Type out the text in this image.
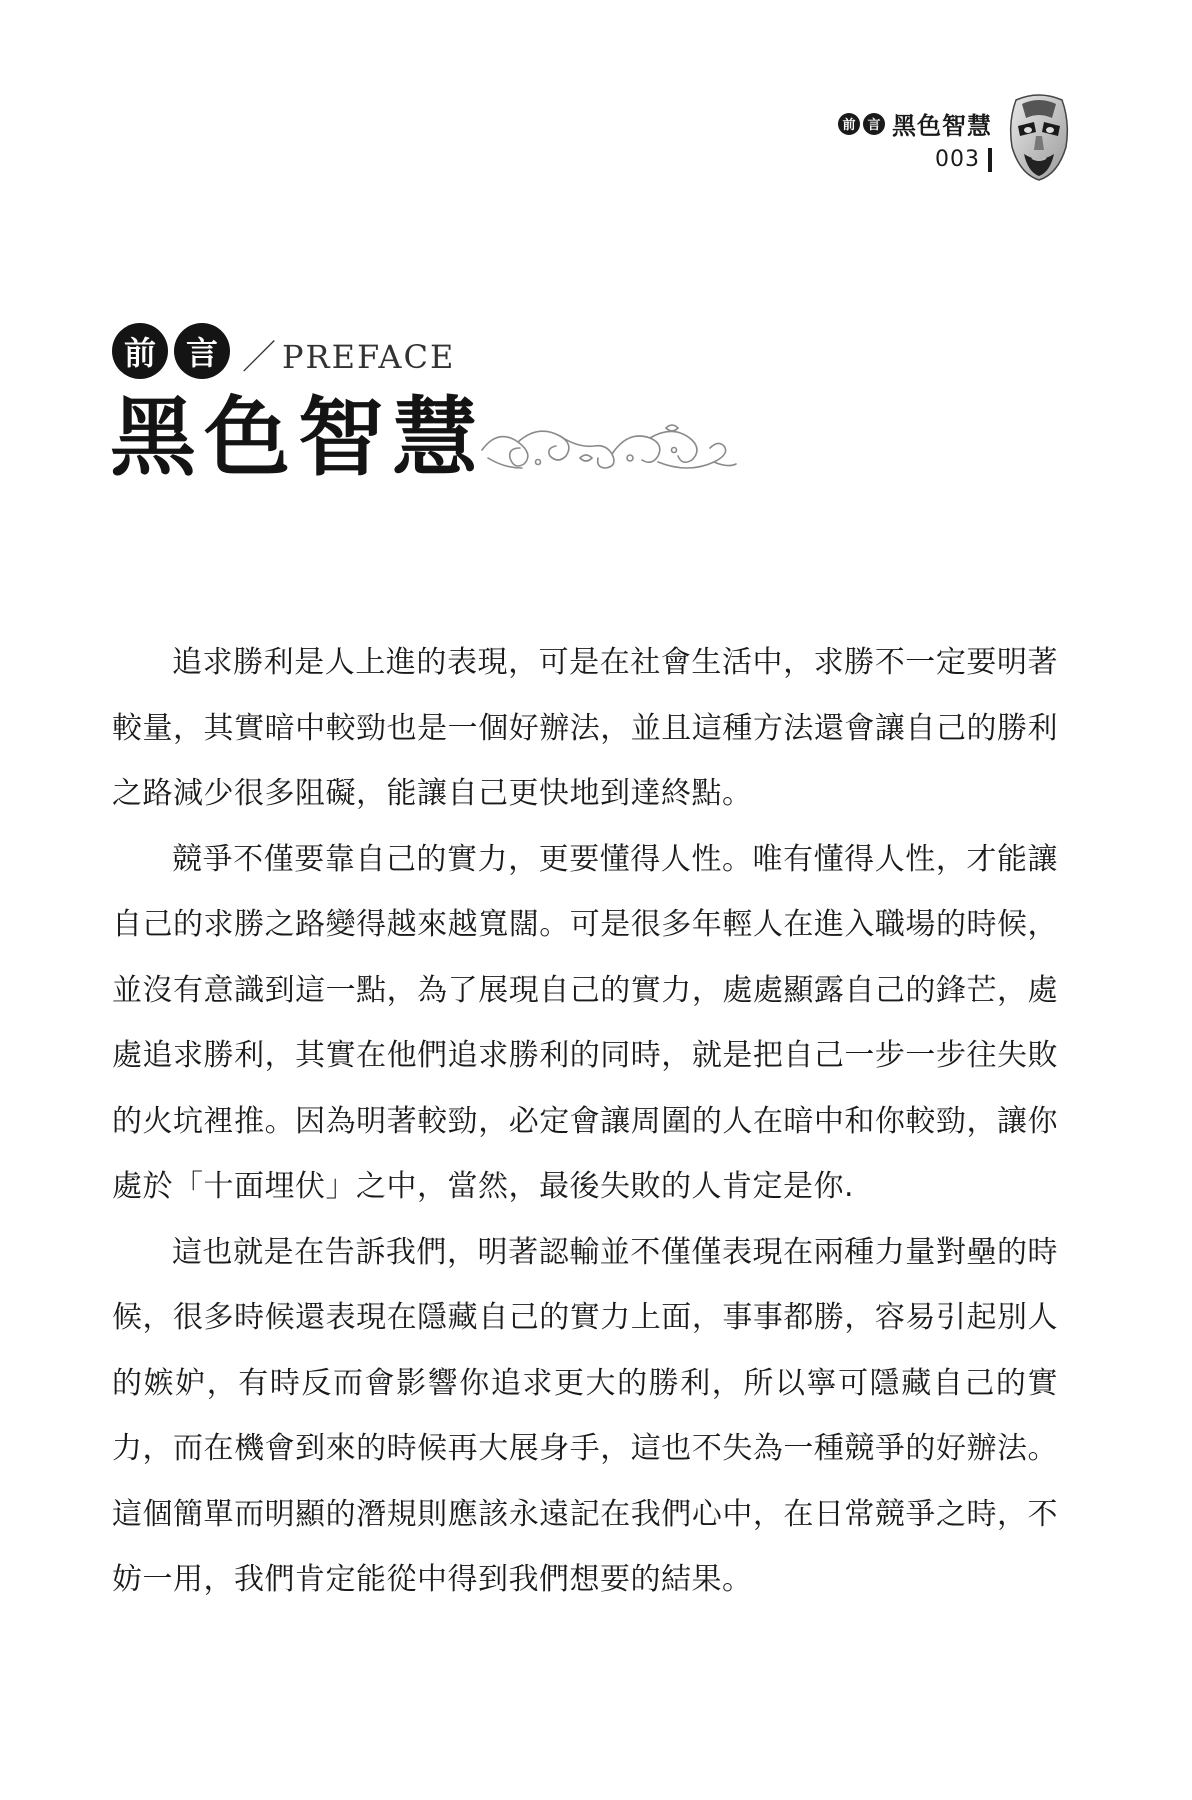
前 言 黑色智慧
003
前 言 ／ PREFACE
黑色智慧

追求勝利是人上進的表現，可是在社會生活中，求勝不一定要明著較量，其實暗中較勁也是一個好辦法，並且這種方法還會讓自己的勝利之路減少很多阻礙，能讓自己更快地到達終點。

競爭不僅要靠自己的實力，更要懂得人性。唯有懂得人性，才能讓自己的求勝之路變得越來越寬闊。可是很多年輕人在進入職場的時候，並沒有意識到這一點，為了展現自己的實力，處處顯露自己的鋒芒，處處追求勝利，其實在他們追求勝利的同時，就是把自己一步一步往失敗的火坑裡推。因為明著較勁，必定會讓周圍的人在暗中和你較勁，讓你處於「十面埋伏」之中，當然，最後失敗的人肯定是你.

這也就是在告訴我們，明著認輸並不僅僅表現在兩種力量對壘的時候，很多時候還表現在隱藏自己的實力上面，事事都勝，容易引起別人的嫉妒，有時反而會影響你追求更大的勝利，所以寧可隱藏自己的實力，而在機會到來的時候再大展身手，這也不失為一種競爭的好辦法。這個簡單而明顯的潛規則應該永遠記在我們心中，在日常競爭之時，不妨一用，我們肯定能從中得到我們想要的結果。
